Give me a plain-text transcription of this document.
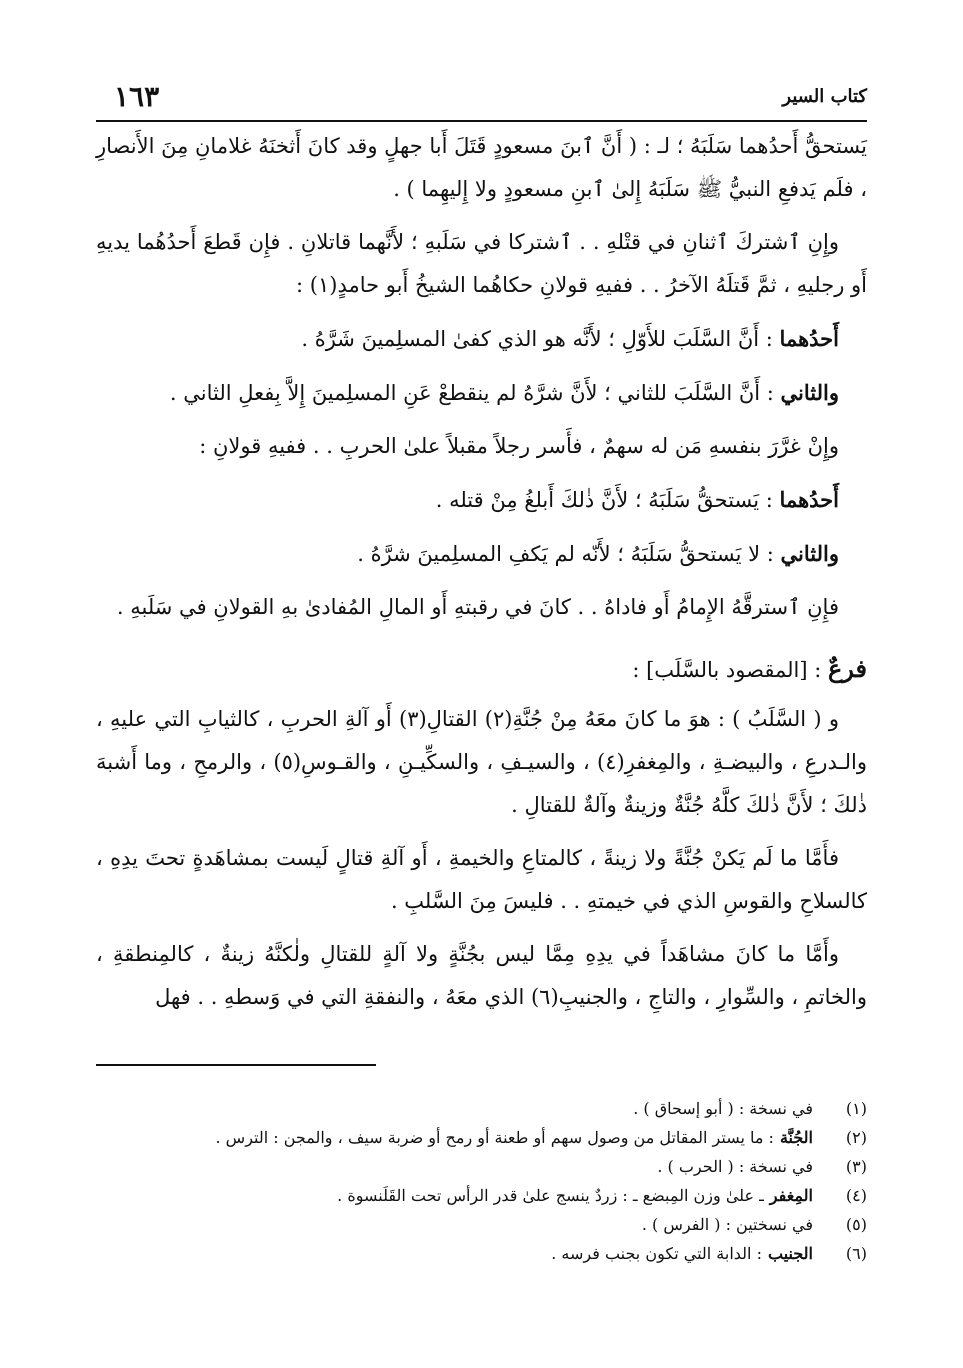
كتاب السير
١٦٣

يَستحقُّ أَحدُهما سَلَبَهُ ؛ لـ : ( أَنَّ ٱبنَ مسعودٍ قَتَلَ أَبا جهلٍ وقد كانَ أَثخنَهُ غلامانِ مِنَ الأَنصارِ ، فلَم يَدفعِ النبيُّ ﷺ سَلَبَهُ إِلىٰ ٱبنِ مسعودٍ ولا إِليهِما ) .

وإِنِ ٱشتركَ ٱثنانِ في قتْلهِ . . ٱشتركا في سَلَبهِ ؛ لأَنَّهما قاتلانِ . فإِن قَطعَ أَحدُهُما يديهِ أَو رجليهِ ، ثمَّ قَتلَهُ الآخرُ . . ففيهِ قولانِ حكاهُما الشيخُ أَبو حامدٍ(١) :

أَحدُهما : أَنَّ السَّلَبَ للأَوّلِ ؛ لأَنَّه هو الذي كفىٰ المسلِمينَ شَرَّهُ .

والثاني : أَنَّ السَّلَبَ للثاني ؛ لأَنَّ شرَّهُ لم ينقطعْ عَنِ المسلِمينَ إِلاَّ بِفعلِ الثاني .

وإِنْ غرَّرَ بنفسهِ مَن له سهمٌ ، فأَسر رجلاً مقبلاً علىٰ الحربِ . . ففيهِ قولانِ :

أَحدُهما : يَستحقُّ سَلَبَهُ ؛ لأَنَّ ذٰلكَ أَبلغُ مِنْ قتله .

والثاني : لا يَستحقُّ سَلَبَهُ ؛ لأَنّه لم يَكفِ المسلِمينَ شرَّهُ .

فإِنِ ٱسترقَّهُ الإِمامُ أَو فاداهُ . . كانَ في رقبتهِ أَو المالِ المُفادىٰ بهِ القولانِ في سَلَبهِ .

فرعٌ : [المقصود بالسَّلَب] :

و ( السَّلَبُ ) : هوَ ما كانَ معَهُ مِنْ جُنَّةِ(٢) القتالِ(٣) أَو آلةِ الحربِ ، كالثيابِ التي عليهِ ، والـدرعِ ، والبيضـةِ ، والمِغفرِ(٤) ، والسيـفِ ، والسكِّيـنِ ، والقـوسِ(٥) ، والرمحِ ، وما أَشبهَ ذٰلكَ ؛ لأَنَّ ذٰلكَ كلَّهُ جُنَّةٌ وزينةٌ وآلةٌ للقتالِ .

فأَمَّا ما لَم يَكنْ جُنَّةً ولا زينةً ، كالمتاعِ والخيمةِ ، أَو آلةِ قتالٍ لَيست بمشاهَدةٍ تحتَ يدِهِ ، كالسلاحِ والقوسِ الذي في خيمتهِ . . فليسَ مِنَ السَّلبِ .

وأَمَّا ما كانَ مشاهَداً في يدِهِ مِمَّا ليس بجُنَّةٍ ولا آلةٍ للقتالِ ولٰكنَّهُ زينةٌ ، كالمِنطقةِ ، والخاتمِ ، والسِّوارِ ، والتاجِ ، والجنيبِ(٦) الذي معَهُ ، والنفقةِ التي في وَسطهِ . . فهل

(١)
في نسخة : ( أبو إسحاق ) .
(٢)
الجُنَّة
: ما يستر المقاتل من وصول سهم أو طعنة أو رمح أو ضربة سيف ، والمجن : الترس .
(٣)
في نسخة : ( الحرب ) .
(٤)
المِغفر
ـ علىٰ وزن المِبضع ـ : زردٌ ينسج علىٰ قدر الرأس تحت القَلَنسوة .
(٥)
في نسختين : ( الفرس ) .
(٦)
الجنيب
: الدابة التي تكون بجنب فرسه .
